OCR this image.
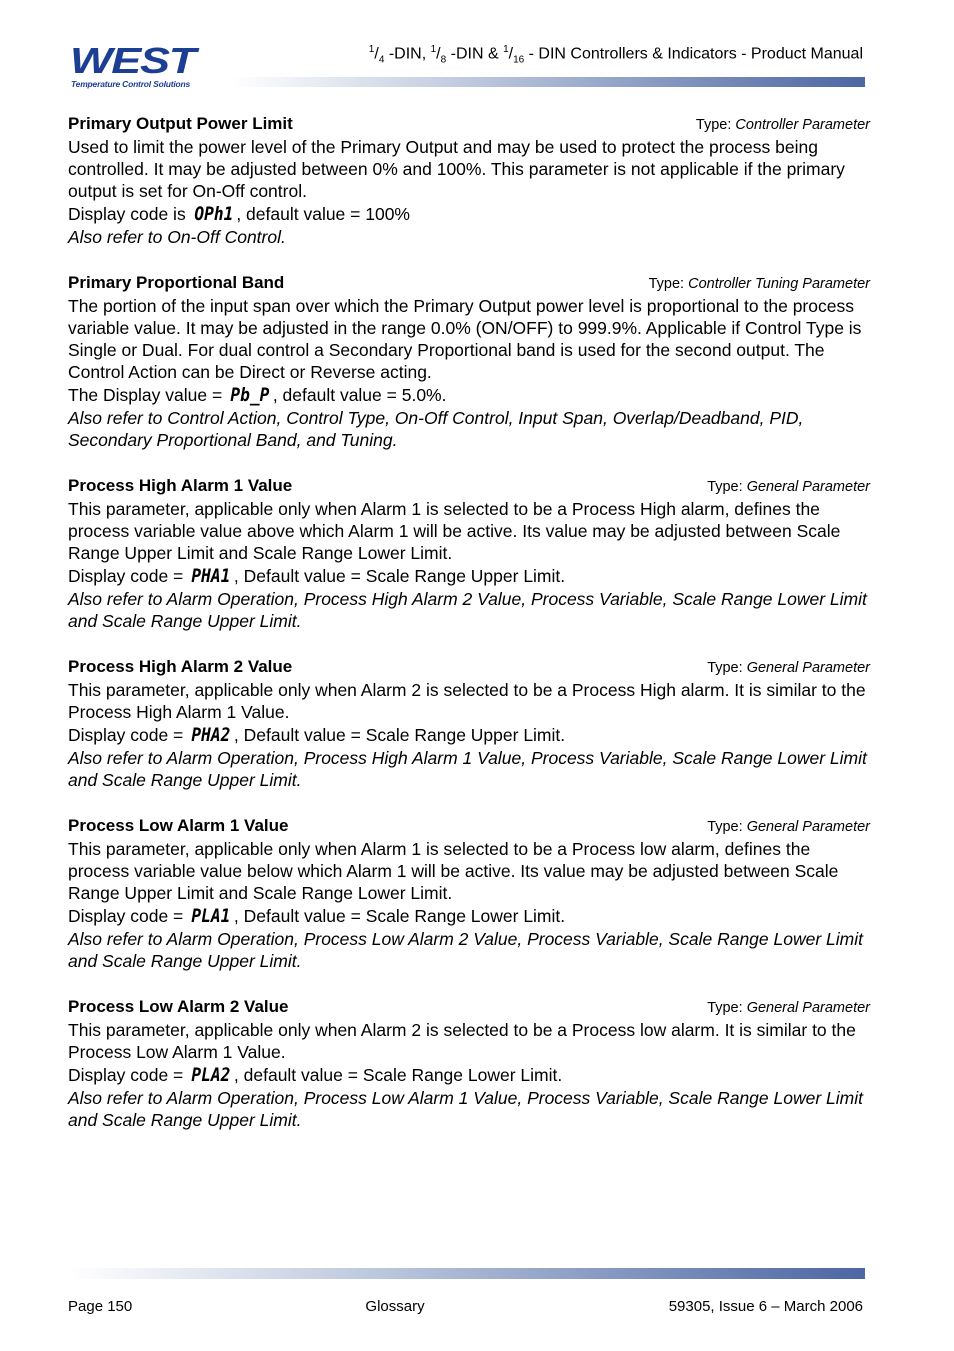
WEST
Temperature Control Solutions
$^1/_4$ -DIN, $^1/_8$ -DIN & $^1/_{16}$ - DIN Controllers & Indicators - Product Manual
Primary Output Power Limit	Type: Controller Parameter

Used to limit the power level of the Primary Output and may be used to protect the process being controlled. It may be adjusted between 0% and 100%. This parameter is not applicable if the primary output is set for On-Off control.

Display code is OPh1 , default value = 100%

Also refer to On-Off Control.

Primary Proportional Band	Type: Controller Tuning Parameter

The portion of the input span over which the Primary Output power level is proportional to the process variable value. It may be adjusted in the range 0.0% (ON/OFF) to 999.9%. Applicable if Control Type is Single or Dual. For dual control a Secondary Proportional band is used for the second output. The Control Action can be Direct or Reverse acting.

The Display value = Pb_P , default value = 5.0%.

Also refer to Control Action, Control Type, On-Off Control, Input Span, Overlap/Deadband, PID, Secondary Proportional Band, and Tuning.

Process High Alarm 1 Value	Type: General Parameter

This parameter, applicable only when Alarm 1 is selected to be a Process High alarm, defines the process variable value above which Alarm 1 will be active. Its value may be adjusted between Scale Range Upper Limit and Scale Range Lower Limit.

Display code = PHA1 , Default value = Scale Range Upper Limit.

Also refer to Alarm Operation, Process High Alarm 2 Value, Process Variable, Scale Range Lower Limit and Scale Range Upper Limit.

Process High Alarm 2 Value	Type: General Parameter

This parameter, applicable only when Alarm 2 is selected to be a Process High alarm. It is similar to the Process High Alarm 1 Value.

Display code = PHA2 , Default value = Scale Range Upper Limit.

Also refer to Alarm Operation, Process High Alarm 1 Value, Process Variable, Scale Range Lower Limit and Scale Range Upper Limit.

Process Low Alarm 1 Value	Type: General Parameter

This parameter, applicable only when Alarm 1 is selected to be a Process low alarm, defines the process variable value below which Alarm 1 will be active. Its value may be adjusted between Scale Range Upper Limit and Scale Range Lower Limit.

Display code = PLA1 , Default value = Scale Range Lower Limit.

Also refer to Alarm Operation, Process Low Alarm 2 Value, Process Variable, Scale Range Lower Limit and Scale Range Upper Limit.

Process Low Alarm 2 Value	Type: General Parameter

This parameter, applicable only when Alarm 2 is selected to be a Process low alarm. It is similar to the Process Low Alarm 1 Value.

Display code = PLA2 , default value = Scale Range Lower Limit.

Also refer to Alarm Operation, Process Low Alarm 1 Value, Process Variable, Scale Range Lower Limit and Scale Range Upper Limit.

Page 150	Glossary	59305, Issue 6 – March 2006
